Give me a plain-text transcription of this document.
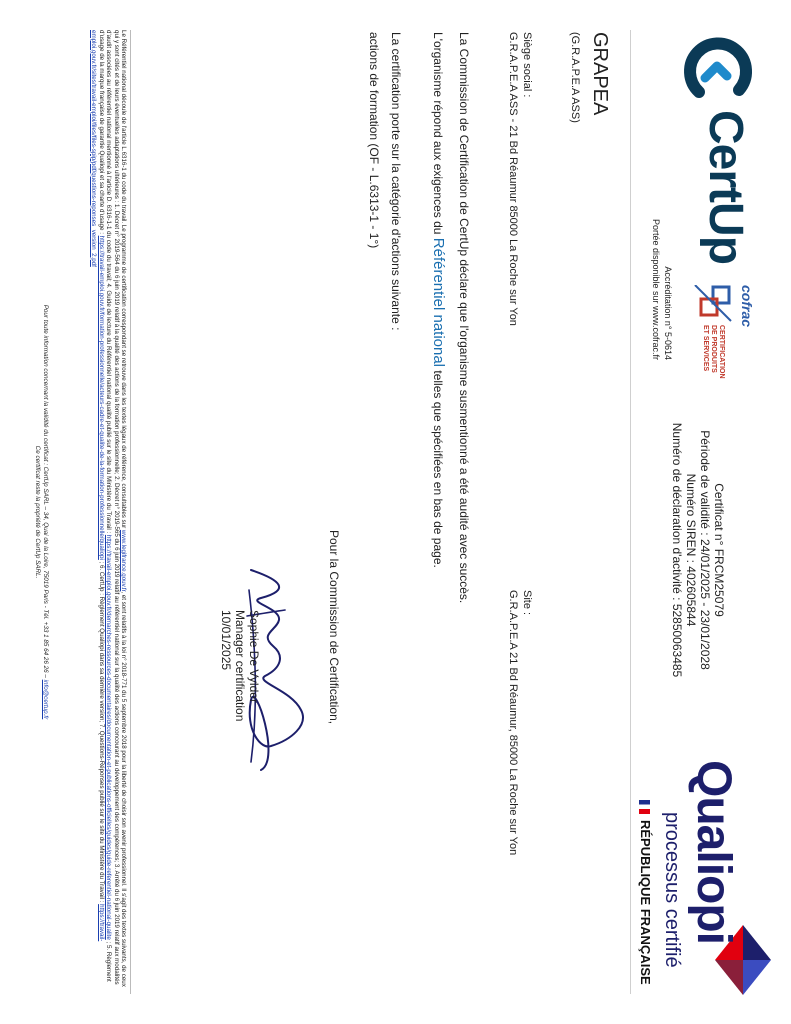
CertUp
cofrac
CERTIFICATION DE PRODUITS ET SERVICES
Accréditation n° 5-0614
Portée disponible sur www.cofrac.fr
Certificat n° FRCM25079
Période de validité : 24/01/2025 - 23/01/2028
Numéro SIREN : 402605844
Numéro de déclaration d'activité : 52850063485
Qualiopi
processus certifié
RÉPUBLIQUE FRANÇAISE
GRAPEA
(G.R.A.P.E.A ASS)
Siège social :
G.R.A.P.E.A ASS - 21 Bd Réaumur 85000 La Roche sur Yon
Site :
G.R.A.P.E.A 21 Bd Réaumur, 85000 La Roche sur Yon
La Commission de Certification de CertUp déclare que l'organisme susmentionné a été audité avec succès.
L'organisme répond aux exigences du Référentiel national telles que spécifiées en bas de page.
La certification porte sur la catégorie d'actions suivante :
actions de formation (OF - L.6313-1 - 1°)
Pour la Commission de Certification,
Sophie De Vylder
Manager certification
10/01/2025
Le Référentiel national découle de l'article L.6316-1 du code du travail. Le programme de certification correspondant se retrouve dans les textes légaux de référence, consultables sur www.legifrance.gouv.fr, et sont relatifs à la loi n° 2018-771 du 5 septembre 2018 pour la liberté de choisir son avenir professionnel. Il s'agit des textes suivants, de ceux qui y sont cités et de leurs éventuelles adaptations ultérieures : 1. Décret n° 2019-564 du 6 juin 2019 relatif à la qualité des actions de la formation professionnelle; 2. Décret n° 2019-565 du 6 juin 2019 relatif au référentiel national sur la qualité des actions concourant au développement des compétences; 3. Arrêté du 6 juin 2019 relatif aux modalités d'audit associées au référentiel national mentionné à l'article D. 6316-1-1 du code du travail; 4. Guide de lecture du Référentiel national qualité publié sur le site du Ministère du Travail : https://travail-emploi.gouv.fr/demarches-ressources-documentaires/documentation-et-publications-officielles/guides/guide-referentiel-national-qualite ; 5. Règlement d'usage de la marque française de garantie Qualiopi et sa charte d'usage : https://travail-emploi.gouv.fr/formation-professionnelle/acteurs-cadre-et-qualite-de-la-formation-professionnelle/qualiopi ; 6. CertUp : Règlement Qualiopi dans sa dernière version; 7. Questions-Réponses publié sur le site du Ministère du Travail : https://travail-emploi.gouv.fr/sites/travail-emploi/files/files-spip/pdf/questions-reponses_version_2.pdf
Pour toute information concernant la validité du certificat : CertUp SARL – 34, Quai de la Loire, 75019 Paris - Tél. +33 1 85 64 26 26 – info@certup.fr
Ce certificat reste la propriété de CertUp SARL.
